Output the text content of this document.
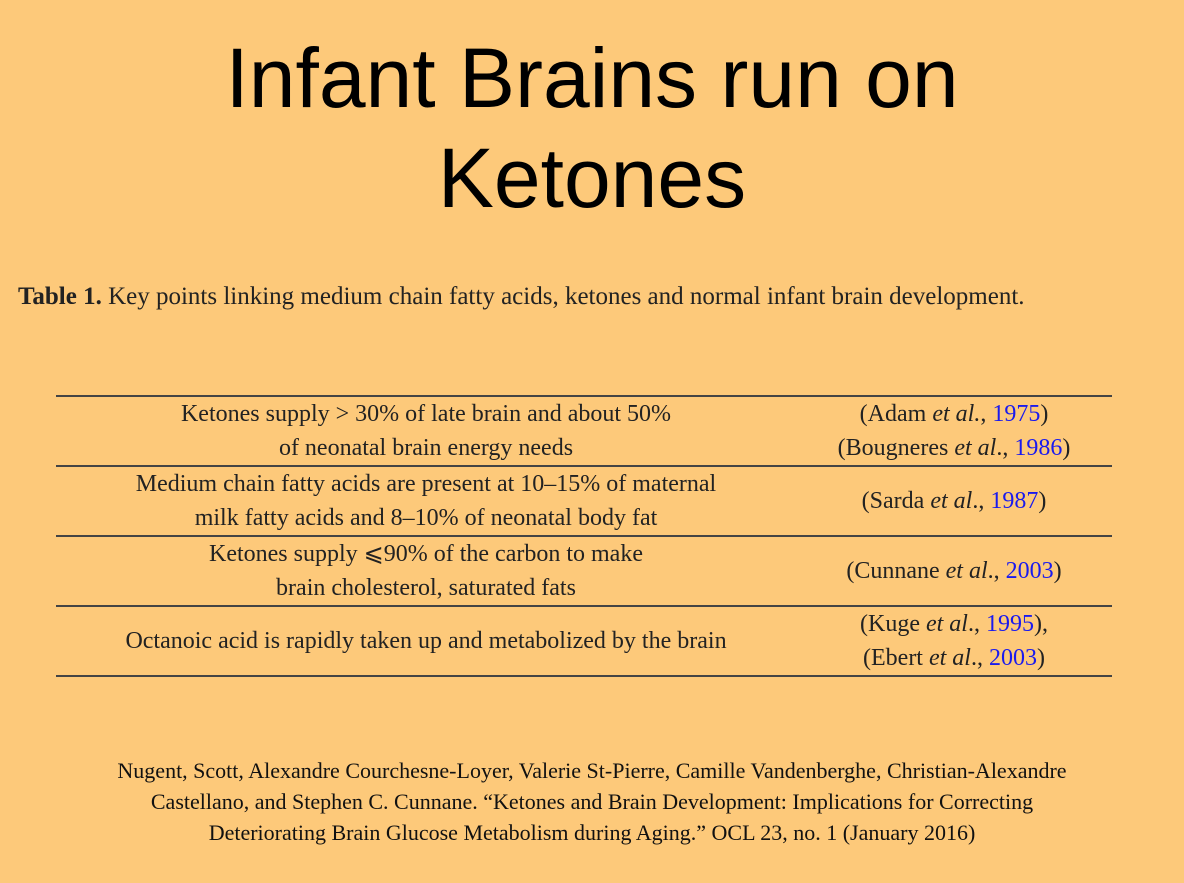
Infant Brains run on
Ketones
Table 1. Key points linking medium chain fatty acids, ketones and normal infant brain development.
Ketones supply > 30% of late brain and about 50%
of neonatal brain energy needs	(Adam et al., 1975)
(Bougneres et al., 1986)

Medium chain fatty acids are present at 10–15% of maternal
milk fatty acids and 8–10% of neonatal body fat	(Sarda et al., 1987)

Ketones supply ⩽90% of the carbon to make
brain cholesterol, saturated fats	(Cunnane et al., 2003)

Octanoic acid is rapidly taken up and metabolized by the brain	(Kuge et al., 1995),
(Ebert et al., 2003)
Nugent, Scott, Alexandre Courchesne-Loyer, Valerie St-Pierre, Camille Vandenberghe, Christian-Alexandre
Castellano, and Stephen C. Cunnane. “Ketones and Brain Development: Implications for Correcting
Deteriorating Brain Glucose Metabolism during Aging.” OCL 23, no. 1 (January 2016)
